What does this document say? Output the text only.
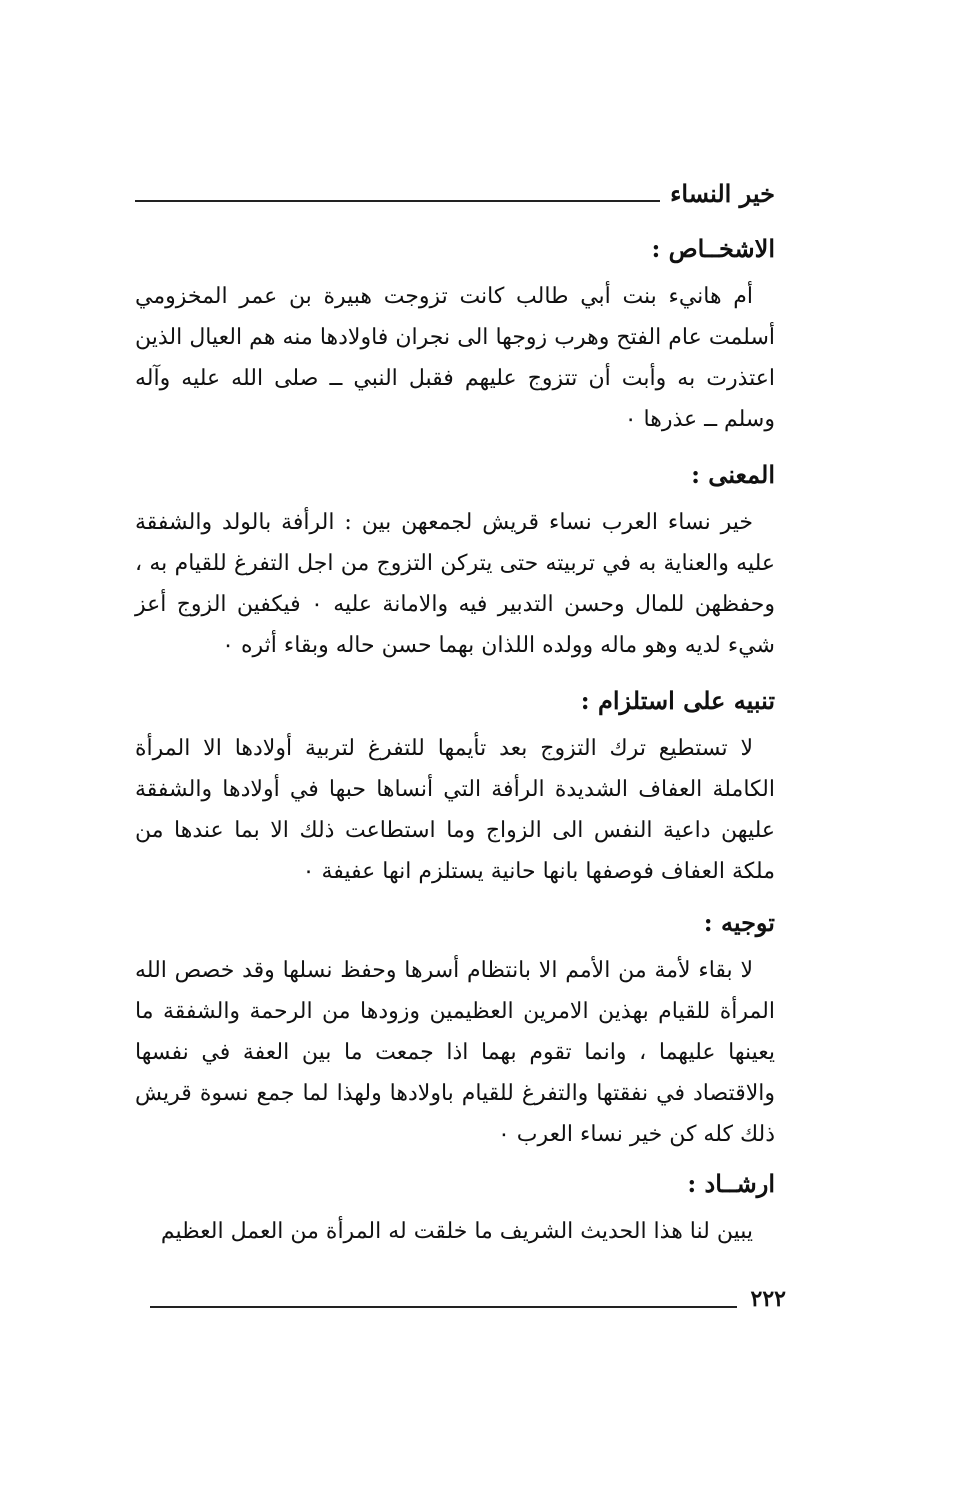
خير النساء
الاشخــاص :

أم هانيء بنت أبي طالب كانت تزوجت هبيرة بن عمر المخزومي أسلمت عام الفتح وهرب زوجها الى نجران فاولادها منه هم العيال الذين اعتذرت به وأبت أن تتزوج عليهم فقبل النبي ــ صلى الله عليه وآله وسلم ــ عذرها ٠

المعنى :

خير نساء العرب نساء قريش لجمعهن بين : الرأفة بالولد والشفقة عليه والعناية به في تربيته حتى يتركن التزوج من اجل التفرغ للقيام به ، وحفظهن للمال وحسن التدبير فيه والامانة عليه ٠ فيكفين الزوج أعز شيء لديه وهو ماله وولده اللذان بهما حسن حاله وبقاء أثره ٠

تنبيه على استلزام :

لا تستطيع ترك التزوج بعد تأيمها للتفرغ لتربية أولادها الا المرأة الكاملة العفاف الشديدة الرأفة التي أنساها حبها في أولادها والشفقة عليهن داعية النفس الى الزواج وما استطاعت ذلك الا بما عندها من ملكة العفاف فوصفها بانها حانية يستلزم انها عفيفة ٠

توجيه :

لا بقاء لأمة من الأمم الا بانتظام أسرها وحفظ نسلها وقد خصص الله المرأة للقيام بهذين الامرين العظيمين وزودها من الرحمة والشفقة ما يعينها عليهما ، وانما تقوم بهما اذا جمعت ما بين العفة في نفسها والاقتصاد في نفقتها والتفرغ للقيام باولادها ولهذا لما جمع نسوة قريش ذلك كله كن خير نساء العرب ٠

ارشــاد :

يبين لنا هذا الحديث الشريف ما خلقت له المرأة من العمل العظيم

٢٢٢
